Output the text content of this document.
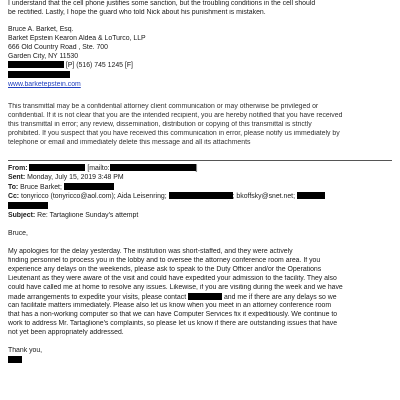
I understand that the cell phone justifies some sanction, but the troubling conditions in the cell should
be rectified. Lastly, I hope the guard who told Nick about his punishment is mistaken.
Bruce A. Barket, Esq.
Barket Epstein Kearon Aldea & LoTurco, LLP
666 Old Country Road , Ste. 700
Garden City, NY 11530
[P] (516) 745 1245 [F]
www.barketepstein.com
This transmittal may be a confidential attorney client communication or may otherwise be privileged or
confidential. If it is not clear that you are the intended recipient, you are hereby notified that you have received
this transmittal in error; any review, dissemination, distribution or copying of this transmittal is strictly
prohibited. If you suspect that you have received this communication in error, please notify us immediately by
telephone or email and immediately delete this message and all its attachments
From:	[mailto:	]
Sent: Monday, July 15, 2019 3:48 PM
To: Bruce Barket;
Cc: tonyricco (tonyricco@aol.com); Aida Leisenring;	; bkoffsky@snet.net;
Subject: Re: Tartaglione Sunday's attempt
Bruce,
My apologies for the delay yesterday. The institution was short-staffed, and they were actively
finding personnel to process you in the lobby and to oversee the attorney conference room area. If you
experience any delays on the weekends, please ask to speak to the Duty Officer and/or the Operations
Lieutenant as they were aware of the visit and could have expedited your admission to the facility. They also
could have called me at home to resolve any issues. Likewise, if you are visiting during the week and we have
made arrangements to expedite your visits, please contact	and me if there are any delays so we
can facilitate matters immediately. Please also let us know when you meet in an attorney conference room
that has a non-working computer so that we can have Computer Services fix it expeditiously. We continue to
work to address Mr. Tartaglione's complaints, so please let us know if there are outstanding issues that have
not yet been appropriately addressed.
Thank you,
